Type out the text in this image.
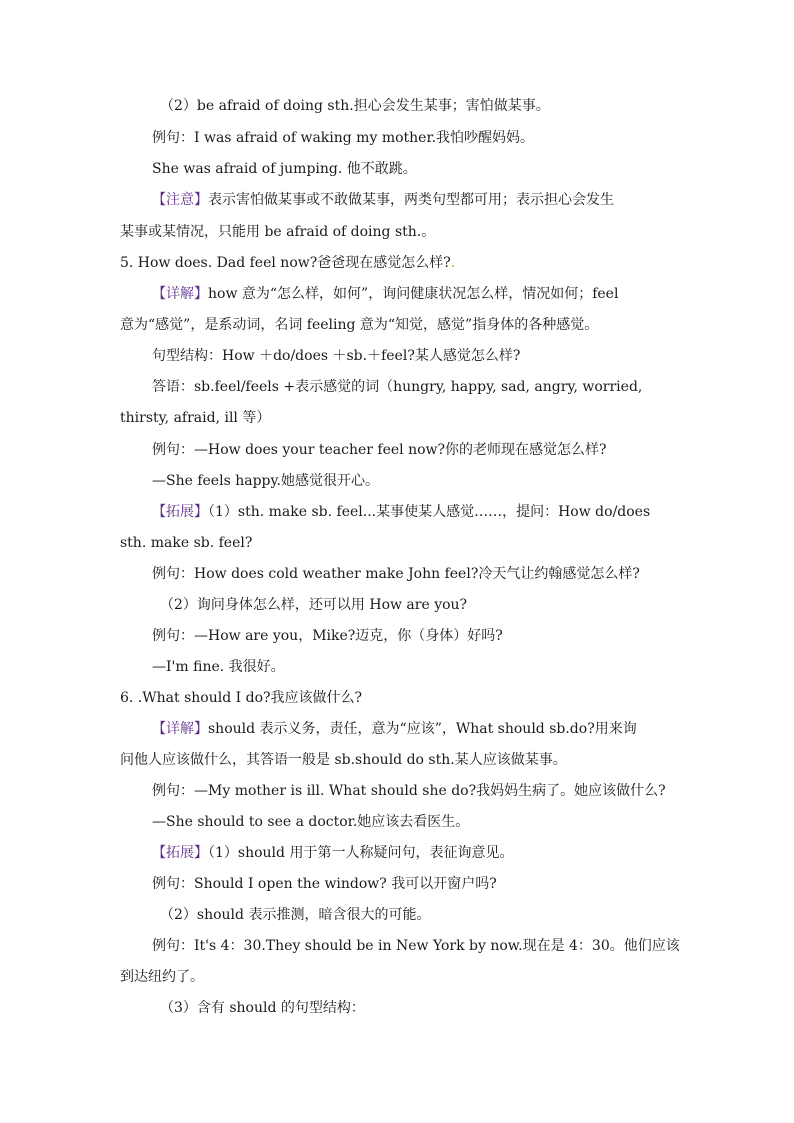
（2）be afraid of doing sth.担心会发生某事；害怕做某事。
例句：I was afraid of waking my mother.我怕吵醒妈妈。
She was afraid of jumping. 他不敢跳。
【注意】表示害怕做某事或不敢做某事，两类句型都可用；表示担心会发生
某事或某情况，只能用 be afraid of doing sth.。
5. How does. Dad feel now?爸爸现在感觉怎么样?.
【详解】how 意为“怎么样，如何”，询问健康状况怎么样，情况如何；feel
意为“感觉”，是系动词，名词 feeling 意为“知觉，感觉”指身体的各种感觉。
句型结构：How ＋do/does ＋sb.＋feel?某人感觉怎么样?
答语：sb.feel/feels +表示感觉的词（hungry, happy, sad, angry, worried,
thirsty, afraid, ill 等）
例句：—How does your teacher feel now?你的老师现在感觉怎么样?
—She feels happy.她感觉很开心。
【拓展】（1）sth. make sb. feel...某事使某人感觉……，提问：How do/does
sth. make sb. feel?
例句：How does cold weather make John feel?冷天气让约翰感觉怎么样?
（2）询问身体怎么样，还可以用 How are you?
例句：—How are you，Mike?迈克，你（身体）好吗?
—I'm fine. 我很好。
6. .What should I do?我应该做什么?
【详解】should 表示义务，责任，意为“应该”，What should sb.do?用来询
问他人应该做什么，其答语一般是 sb.should do sth.某人应该做某事。
例句：—My mother is ill. What should she do?我妈妈生病了。她应该做什么?
—She should to see a doctor.她应该去看医生。
【拓展】（1）should 用于第一人称疑问句，表征询意见。
例句：Should I open the window? 我可以开窗户吗?
（2）should 表示推测，暗含很大的可能。
例句：It's 4：30.They should be in New York by now.现在是 4：30。他们应该
到达纽约了。
（3）含有 should 的句型结构：
